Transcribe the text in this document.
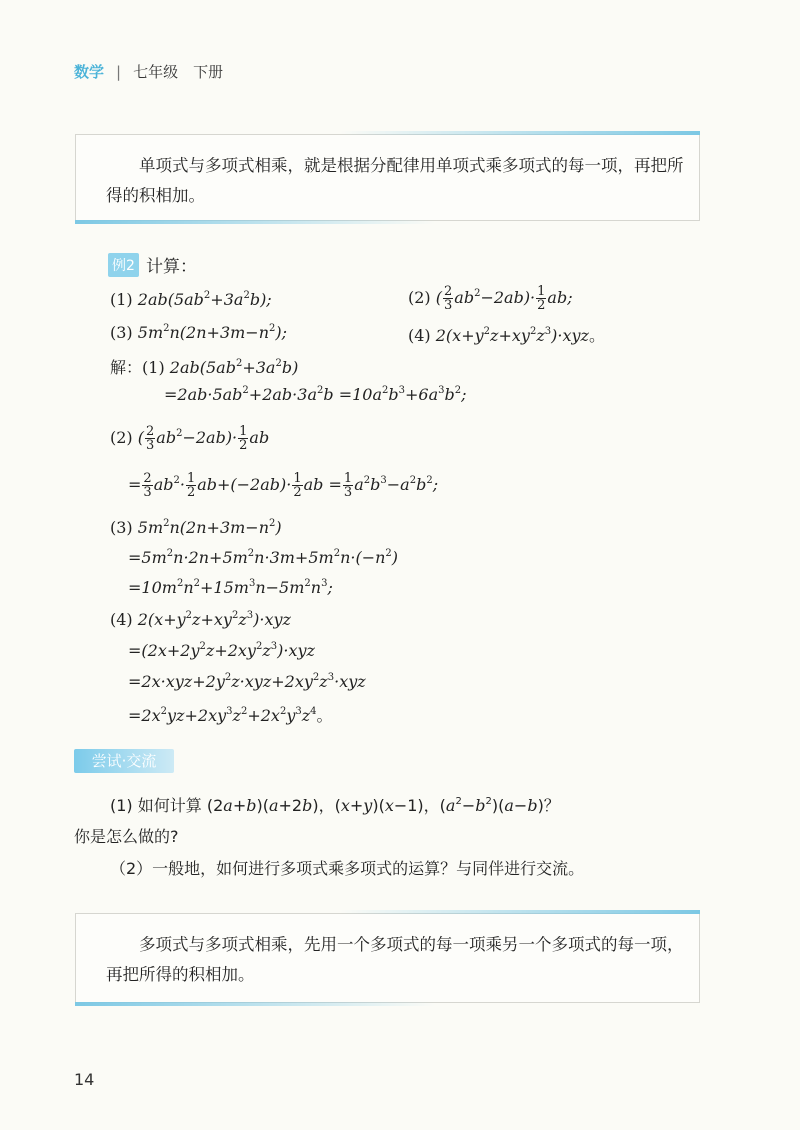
数学 | 七年级　下册

单项式与多项式相乘，就是根据分配律用单项式乘多项式的每一项，再把所得的积相加。

例2 计算：
(1) $2ab(5ab^2+3a^2b)$;	(2) ( $\frac{2}{3} ab^2-2ab)\cdot \frac{1}{2}$ ab;
(3) $5m^2n(2n+3m-n^2)$;	(4) $2(x+y^2z+xy^2z^3)\cdot xyz$。
解：(1) $2ab(5ab^2+3a^2b)$
$=2ab\cdot 5ab^2+2ab\cdot 3a^2b =10a^2b^3+6a^3b^2$;
(2) ( $\frac{2}{3} ab^2-2ab)\cdot \frac{1}{2}$ ab
= $\frac{2}{3} ab^2\cdot \frac{1}{2} ab+(-2ab)\cdot \frac{1}{2}$ ab = $\frac{1}{3} a^2b^3-a^2b^2$;
(3) $5m^2n(2n+3m-n^2)$
$=5m^2n\cdot 2n+5m^2n\cdot 3m+5m^2n\cdot(-n^2)$
$=10m^2n^2+15m^3n-5m^2n^3$;
(4) $2(x+y^2z+xy^2z^3)\cdot xyz$
$=(2x+2y^2z+2xy^2z^3)\cdot xyz$
$=2x\cdot xyz+2y^2z\cdot xyz+2xy^2z^3\cdot xyz$
$=2x^2yz+2xy^3z^2+2x^2y^3z^4$。
尝试·交流
(1) 如何计算 (2a+b)(a+2b)，(x+y)(x−1)，$(a^2-b^2)(a-b)$？
你是怎么做的?
（2）一般地，如何进行多项式乘多项式的运算？与同伴进行交流。

多项式与多项式相乘，先用一个多项式的每一项乘另一个多项式的每一项，再把所得的积相加。

14
